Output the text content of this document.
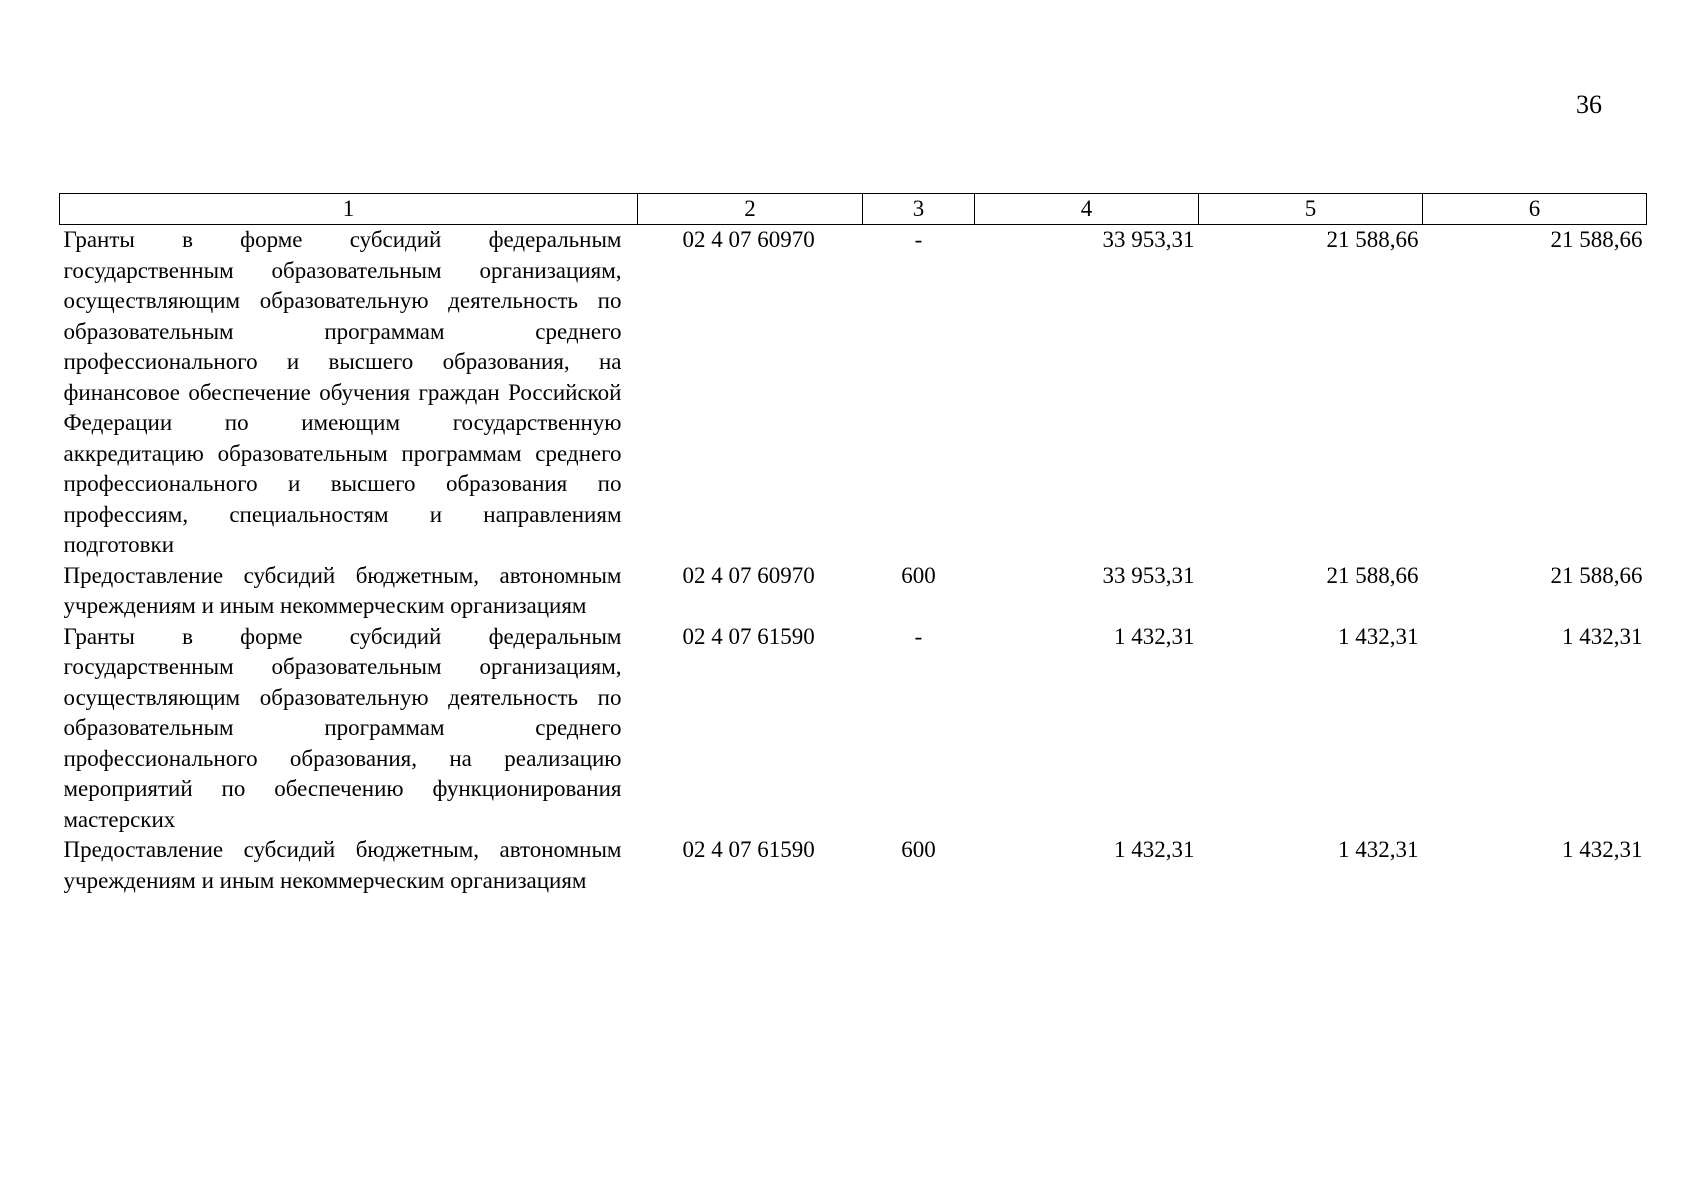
36
1	2	3	4	5	6
Гранты в форме субсидий федеральным государственным образовательным организациям, осуществляющим образовательную деятельность по образовательным программам среднего профессионального и высшего образования, на финансовое обеспечение обучения граждан Российской Федерации по имеющим государственную аккредитацию образовательным программам среднего профессионального и высшего образования по профессиям, специальностям и направлениям подготовки	02 4 07 60970	-	33 953,31	21 588,66	21 588,66
Предоставление субсидий бюджетным, автономным учреждениям и иным некоммерческим организациям	02 4 07 60970	600	33 953,31	21 588,66	21 588,66
Гранты в форме субсидий федеральным государственным образовательным организациям, осуществляющим образовательную деятельность по образовательным программам среднего профессионального образования, на реализацию мероприятий по обеспечению функционирования мастерских	02 4 07 61590	-	1 432,31	1 432,31	1 432,31
Предоставление субсидий бюджетным, автономным учреждениям и иным некоммерческим организациям	02 4 07 61590	600	1 432,31	1 432,31	1 432,31
